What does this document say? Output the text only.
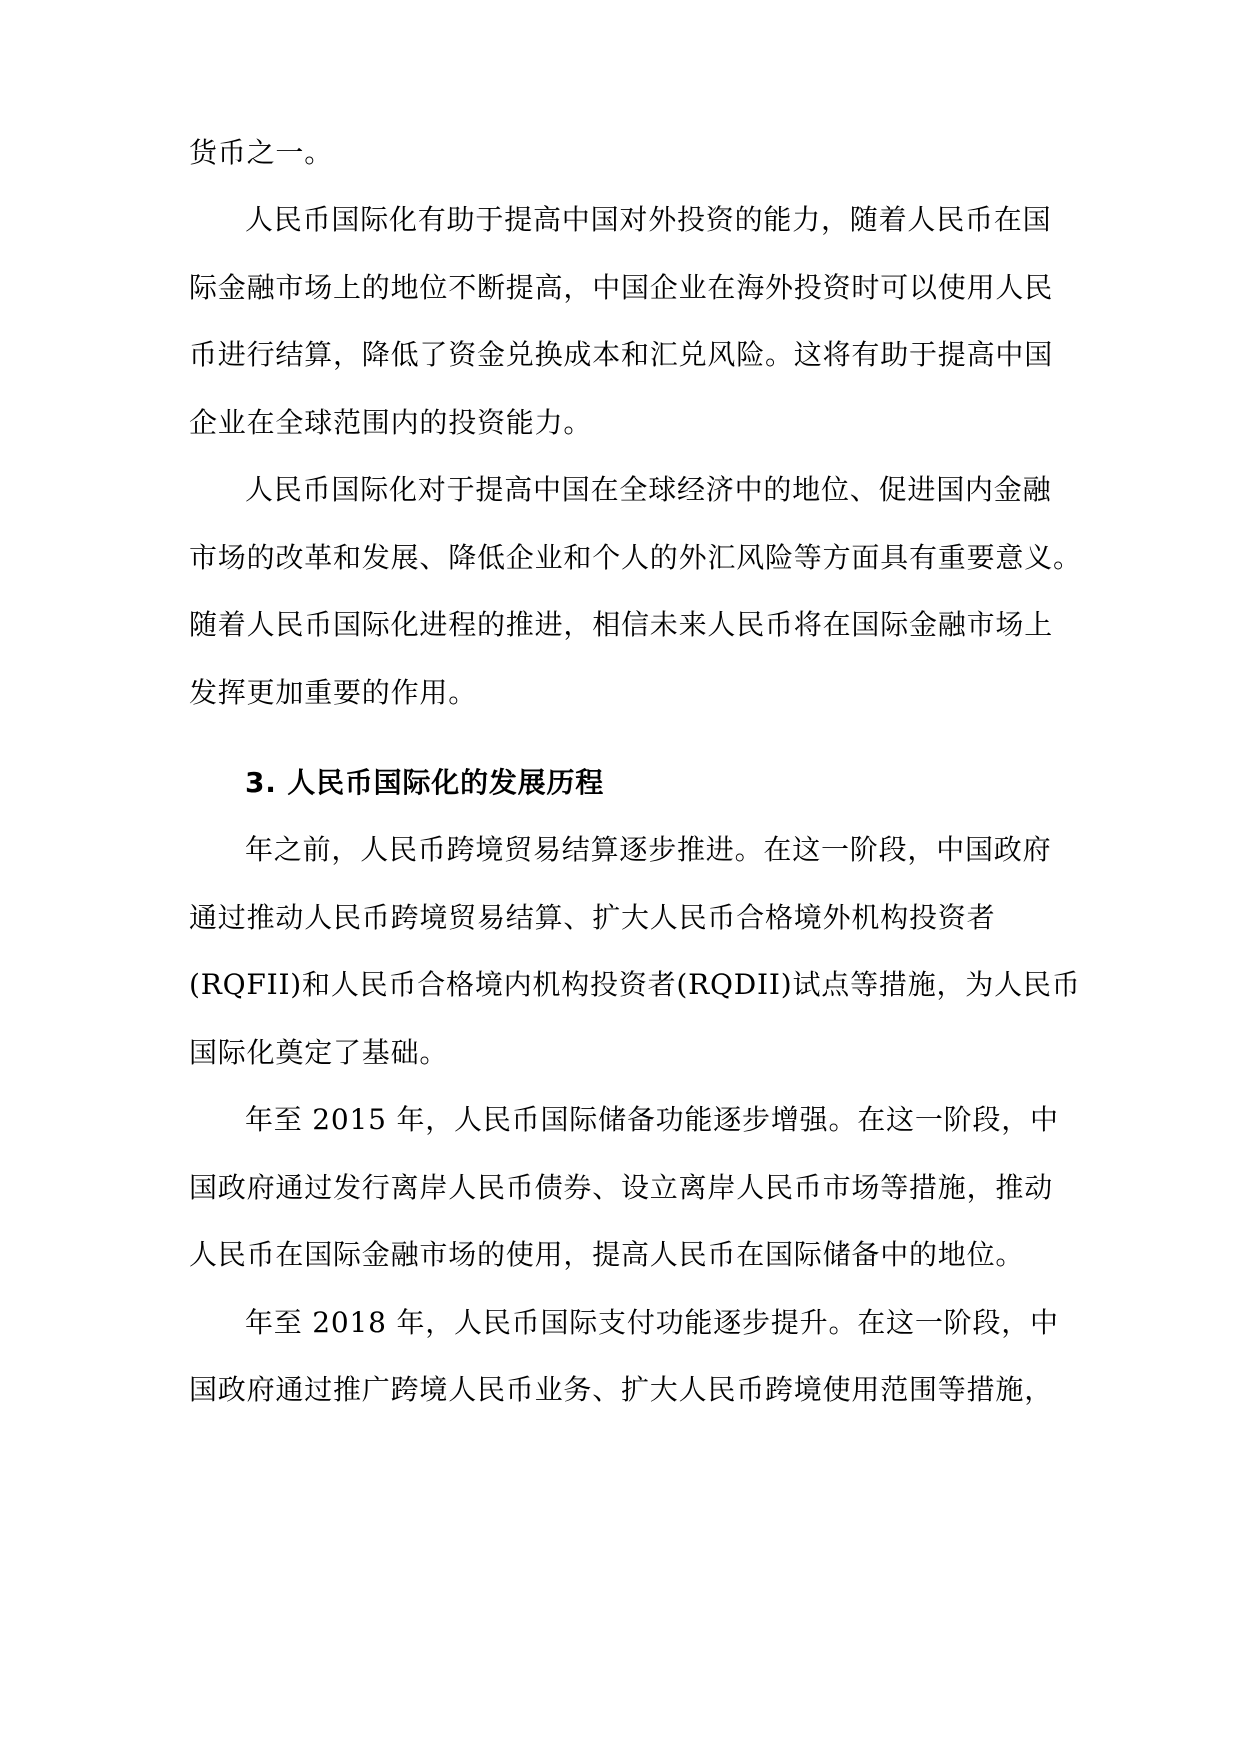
货币之一。
人民币国际化有助于提高中国对外投资的能力，随着人民币在国
际金融市场上的地位不断提高，中国企业在海外投资时可以使用人民
币进行结算，降低了资金兑换成本和汇兑风险。这将有助于提高中国
企业在全球范围内的投资能力。
人民币国际化对于提高中国在全球经济中的地位、促进国内金融
市场的改革和发展、降低企业和个人的外汇风险等方面具有重要意义。
随着人民币国际化进程的推进，相信未来人民币将在国际金融市场上
发挥更加重要的作用。
3. 人民币国际化的发展历程
年之前，人民币跨境贸易结算逐步推进。在这一阶段，中国政府
通过推动人民币跨境贸易结算、扩大人民币合格境外机构投资者
(RQFII)和人民币合格境内机构投资者(RQDII)试点等措施，为人民币
国际化奠定了基础。
年至 2015 年，人民币国际储备功能逐步增强。在这一阶段，中
国政府通过发行离岸人民币债券、设立离岸人民币市场等措施，推动
人民币在国际金融市场的使用，提高人民币在国际储备中的地位。
年至 2018 年，人民币国际支付功能逐步提升。在这一阶段，中
国政府通过推广跨境人民币业务、扩大人民币跨境使用范围等措施，
